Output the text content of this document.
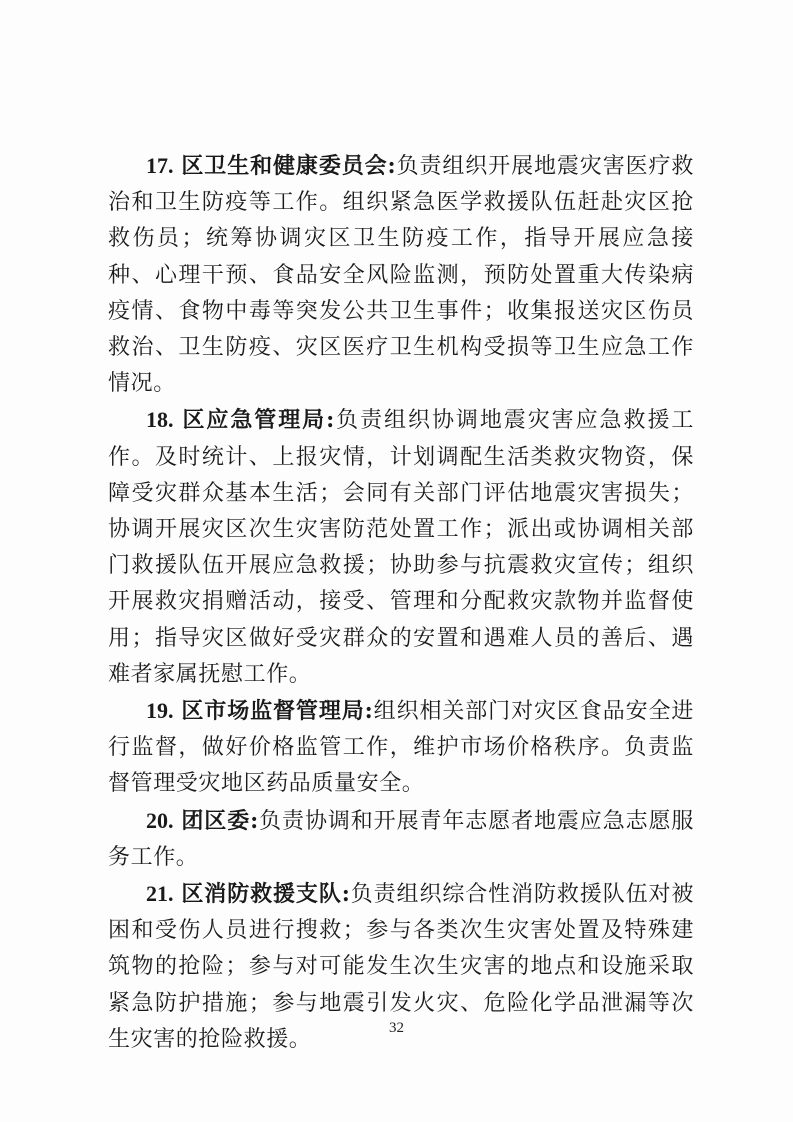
17. 区卫生和健康委员会:负责组织开展地震灾害医疗救治和卫生防疫等工作。组织紧急医学救援队伍赶赴灾区抢救伤员；统筹协调灾区卫生防疫工作，指导开展应急接种、心理干预、食品安全风险监测，预防处置重大传染病疫情、食物中毒等突发公共卫生事件；收集报送灾区伤员救治、卫生防疫、灾区医疗卫生机构受损等卫生应急工作情况。

18. 区应急管理局:负责组织协调地震灾害应急救援工作。及时统计、上报灾情，计划调配生活类救灾物资，保障受灾群众基本生活；会同有关部门评估地震灾害损失；协调开展灾区次生灾害防范处置工作；派出或协调相关部门救援队伍开展应急救援；协助参与抗震救灾宣传；组织开展救灾捐赠活动，接受、管理和分配救灾款物并监督使用；指导灾区做好受灾群众的安置和遇难人员的善后、遇难者家属抚慰工作。

19. 区市场监督管理局:组织相关部门对灾区食品安全进行监督，做好价格监管工作，维护市场价格秩序。负责监督管理受灾地区药品质量安全。

20. 团区委:负责协调和开展青年志愿者地震应急志愿服务工作。

21. 区消防救援支队:负责组织综合性消防救援队伍对被困和受伤人员进行搜救；参与各类次生灾害处置及特殊建筑物的抢险；参与对可能发生次生灾害的地点和设施采取紧急防护措施；参与地震引发火灾、危险化学品泄漏等次生灾害的抢险救援。	32
